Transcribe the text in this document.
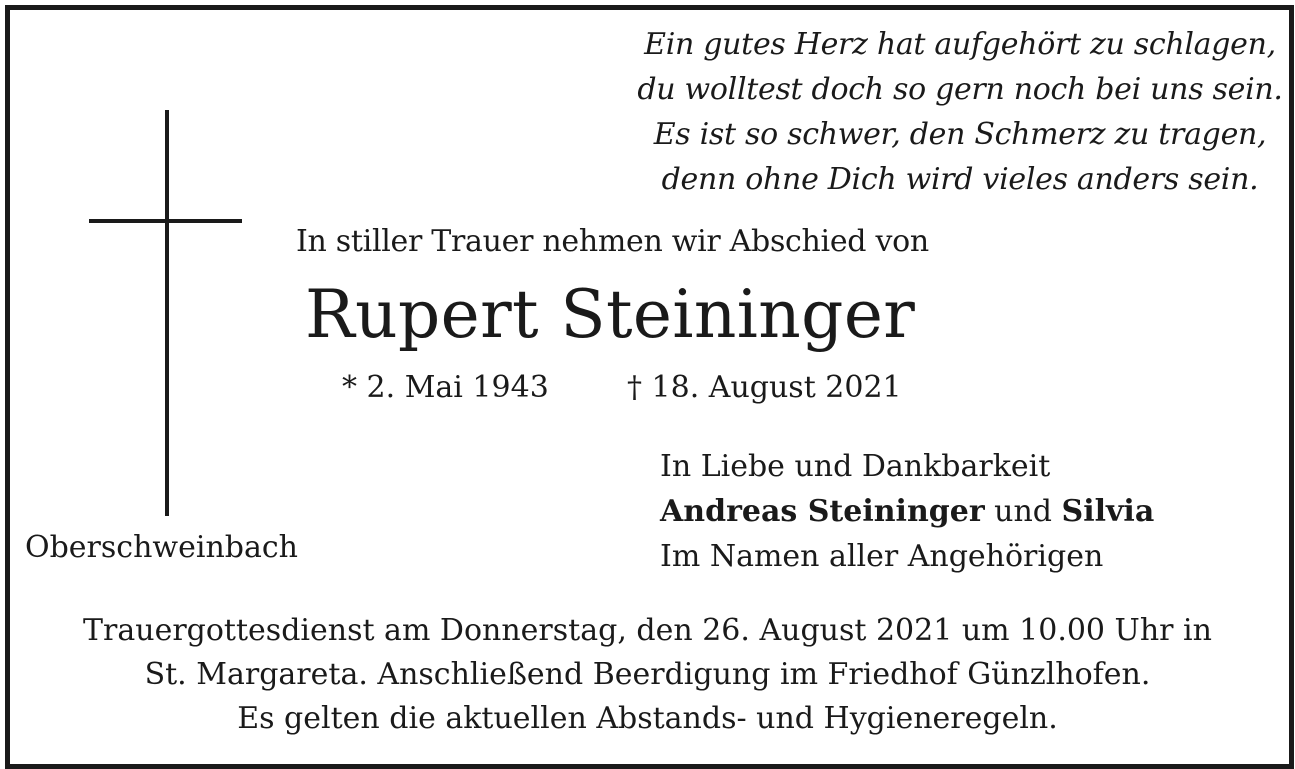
Ein gutes Herz hat aufgehört zu schlagen,
du wolltest doch so gern noch bei uns sein.
Es ist so schwer, den Schmerz zu tragen,
denn ohne Dich wird vieles anders sein.
In stiller Trauer nehmen wir Abschied von
Rupert Steininger
* 2. Mai 1943	† 18. August 2021
Oberschweinbach
In Liebe und Dankbarkeit
Andreas Steininger und Silvia
Im Namen aller Angehörigen
Trauergottesdienst am Donnerstag, den 26. August 2021 um 10.00 Uhr in
St. Margareta. Anschließend Beerdigung im Friedhof Günzlhofen.
Es gelten die aktuellen Abstands- und Hygieneregeln.
